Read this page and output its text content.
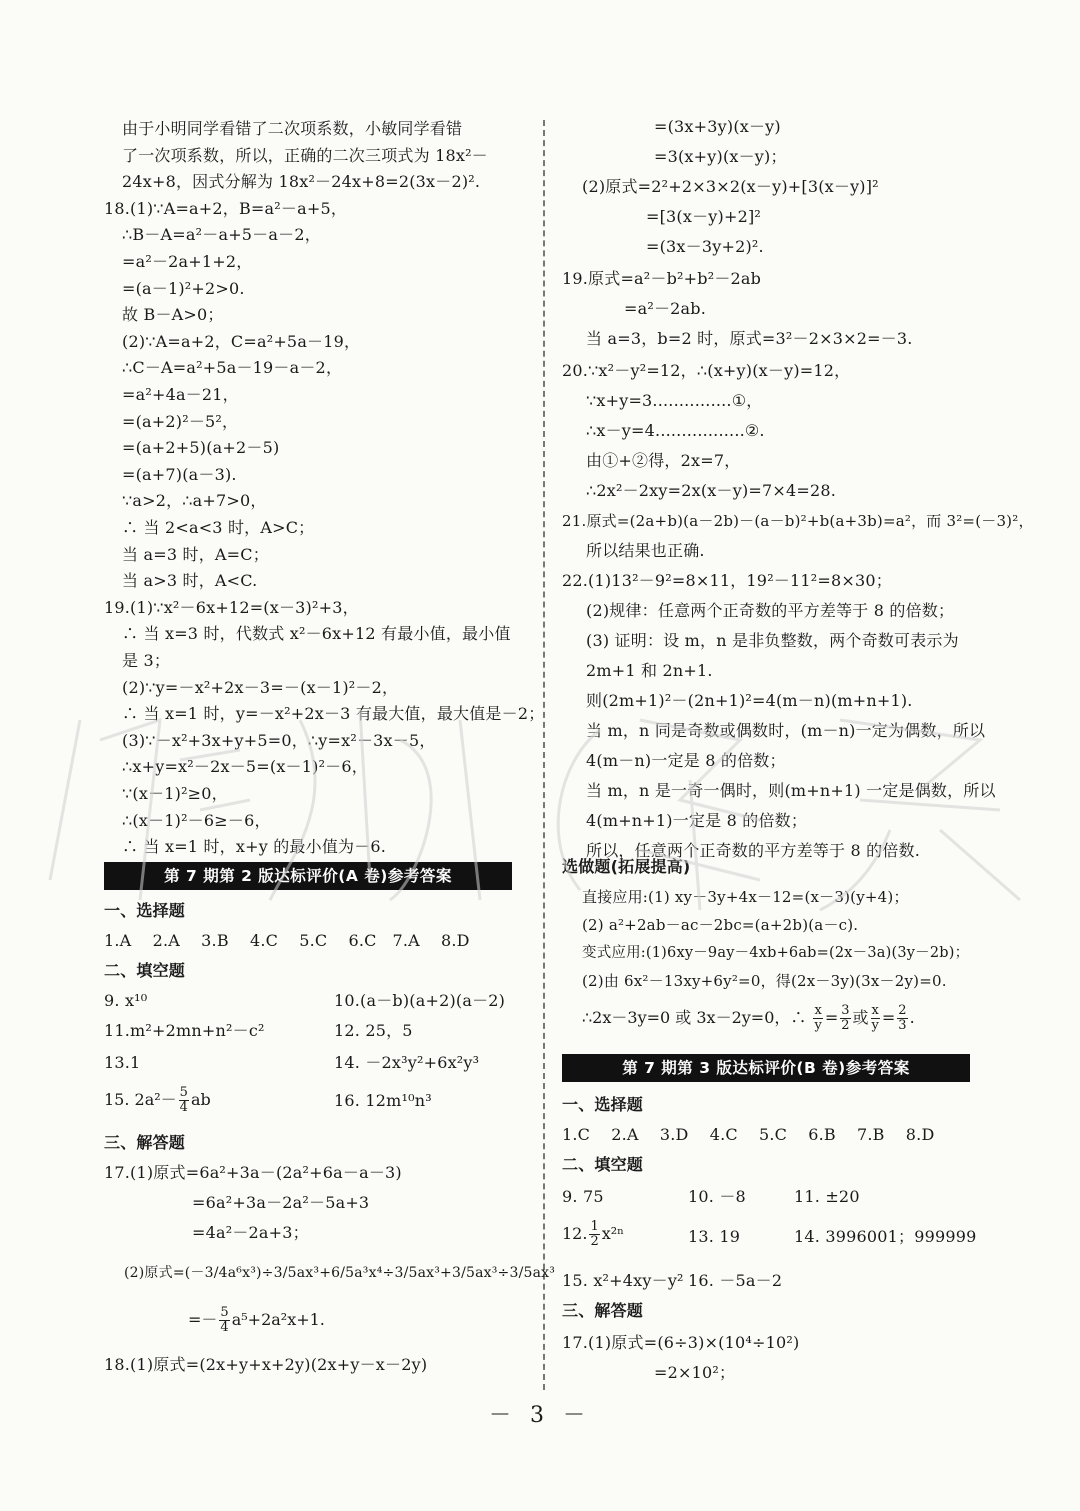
由于小明同学看错了二次项系数，小敏同学看错
了一次项系数，所以，正确的二次三项式为 18x²－
24x+8，因式分解为 18x²－24x+8=2(3x－2)².
18.(1)∵A=a+2，B=a²－a+5，
∴B－A=a²－a+5－a－2，
=a²－2a+1+2，
=(a－1)²+2>0.
故 B－A>0；
(2)∵A=a+2，C=a²+5a－19，
∴C－A=a²+5a－19－a－2，
=a²+4a－21，
=(a+2)²－5²，
=(a+2+5)(a+2－5)
=(a+7)(a－3).
∵a>2，∴a+7>0，
∴ 当 2<a<3 时，A>C；
当 a=3 时，A=C；
当 a>3 时，A<C.
19.(1)∵x²－6x+12=(x－3)²+3，
∴ 当 x=3 时，代数式 x²－6x+12 有最小值，最小值
是 3；
(2)∵y=－x²+2x－3=－(x－1)²－2，
∴ 当 x=1 时，y=－x²+2x－3 有最大值，最大值是－2；
(3)∵－x²+3x+y+5=0，∴y=x²－3x－5，
∴x+y=x²－2x－5=(x－1)²－6，
∵(x－1)²≥0，
∴(x－1)²－6≥－6，
∴ 当 x=1 时，x+y 的最小值为－6.
第 7 期第 2 版达标评价(A 卷)参考答案
一、选择题
1.A 2.A 3.B 4.C 5.C 6.C 7.A 8.D
二、填空题
9. x¹⁰	10.(a－b)(a+2)(a－2)
11.m²+2mn+n²－c²	12. 25，5
13.1	14. －2x³y²+6x²y³
15. $2a^2- \frac{5}{4}$ ab	16. 12m¹⁰n³
三、解答题
17.(1)原式=6a²+3a－(2a²+6a－a－3)
=6a²+3a－2a²－5a+3
=4a²－2a+3；
(2)原式=(－3/4a⁶x³)÷3/5ax³+6/5a³x⁴÷3/5ax³+3/5ax³÷3/5ax³
=－ $\frac{5}{4} a^5+2a^2x+1$.
18.(1)原式=(2x+y+x+2y)(2x+y－x－2y)
=(3x+3y)(x－y)
=3(x+y)(x－y)；
(2)原式=2²+2×3×2(x－y)+[3(x－y)]²
=[3(x－y)+2]²
=(3x－3y+2)².
19.原式=a²－b²+b²－2ab
=a²－2ab.
当 a=3，b=2 时，原式=3²－2×3×2=－3.
20.∵x²－y²=12，∴(x+y)(x－y)=12，
∵x+y=3...............①，
∴x－y=4.................②.
由①+②得，2x=7，
∴2x²－2xy=2x(x－y)=7×4=28.
21.原式=(2a+b)(a－2b)－(a－b)²+b(a+3b)=a²，而 3²=(－3)²，
所以结果也正确.
22.(1)13²－9²=8×11，19²－11²=8×30；
(2)规律：任意两个正奇数的平方差等于 8 的倍数；
(3) 证明：设 m，n 是非负整数，两个奇数可表示为
2m+1 和 2n+1.
则(2m+1)²－(2n+1)²=4(m－n)(m+n+1).
当 m，n 同是奇数或偶数时，(m－n)一定为偶数，所以
4(m－n)一定是 8 的倍数；
当 m，n 是一奇一偶时，则(m+n+1) 一定是偶数，所以
4(m+n+1)一定是 8 的倍数；
所以，任意两个正奇数的平方差等于 8 的倍数.
选做题(拓展提高)
直接应用:(1) xy－3y+4x－12=(x－3)(y+4)；
(2) a²+2ab－ac－2bc=(a+2b)(a－c).
变式应用:(1)6xy－9ay－4xb+6ab=(2x－3a)(3y－2b)；
(2)由 6x²－13xy+6y²=0，得(2x－3y)(3x－2y)=0.
∴2x－3y=0 或 3x－2y=0，∴ $\frac{x}{y} = \frac{3}{2}$ 或 $\frac{x}{y} = \frac{2}{3}$ .
第 7 期第 3 版达标评价(B 卷)参考答案
一、选择题
1.C 2.A 3.D 4.C 5.C 6.B 7.B 8.D
二、填空题
9. 75	10. －8	11. ±20
12. $\frac{1}{2} x^{2n}$	13. 19	14. 3996001；999999
15. x²+4xy－y² 16. －5a－2
三、解答题
17.(1)原式=(6÷3)×(10⁴÷10²)
=2×10²；
－ 3 －
